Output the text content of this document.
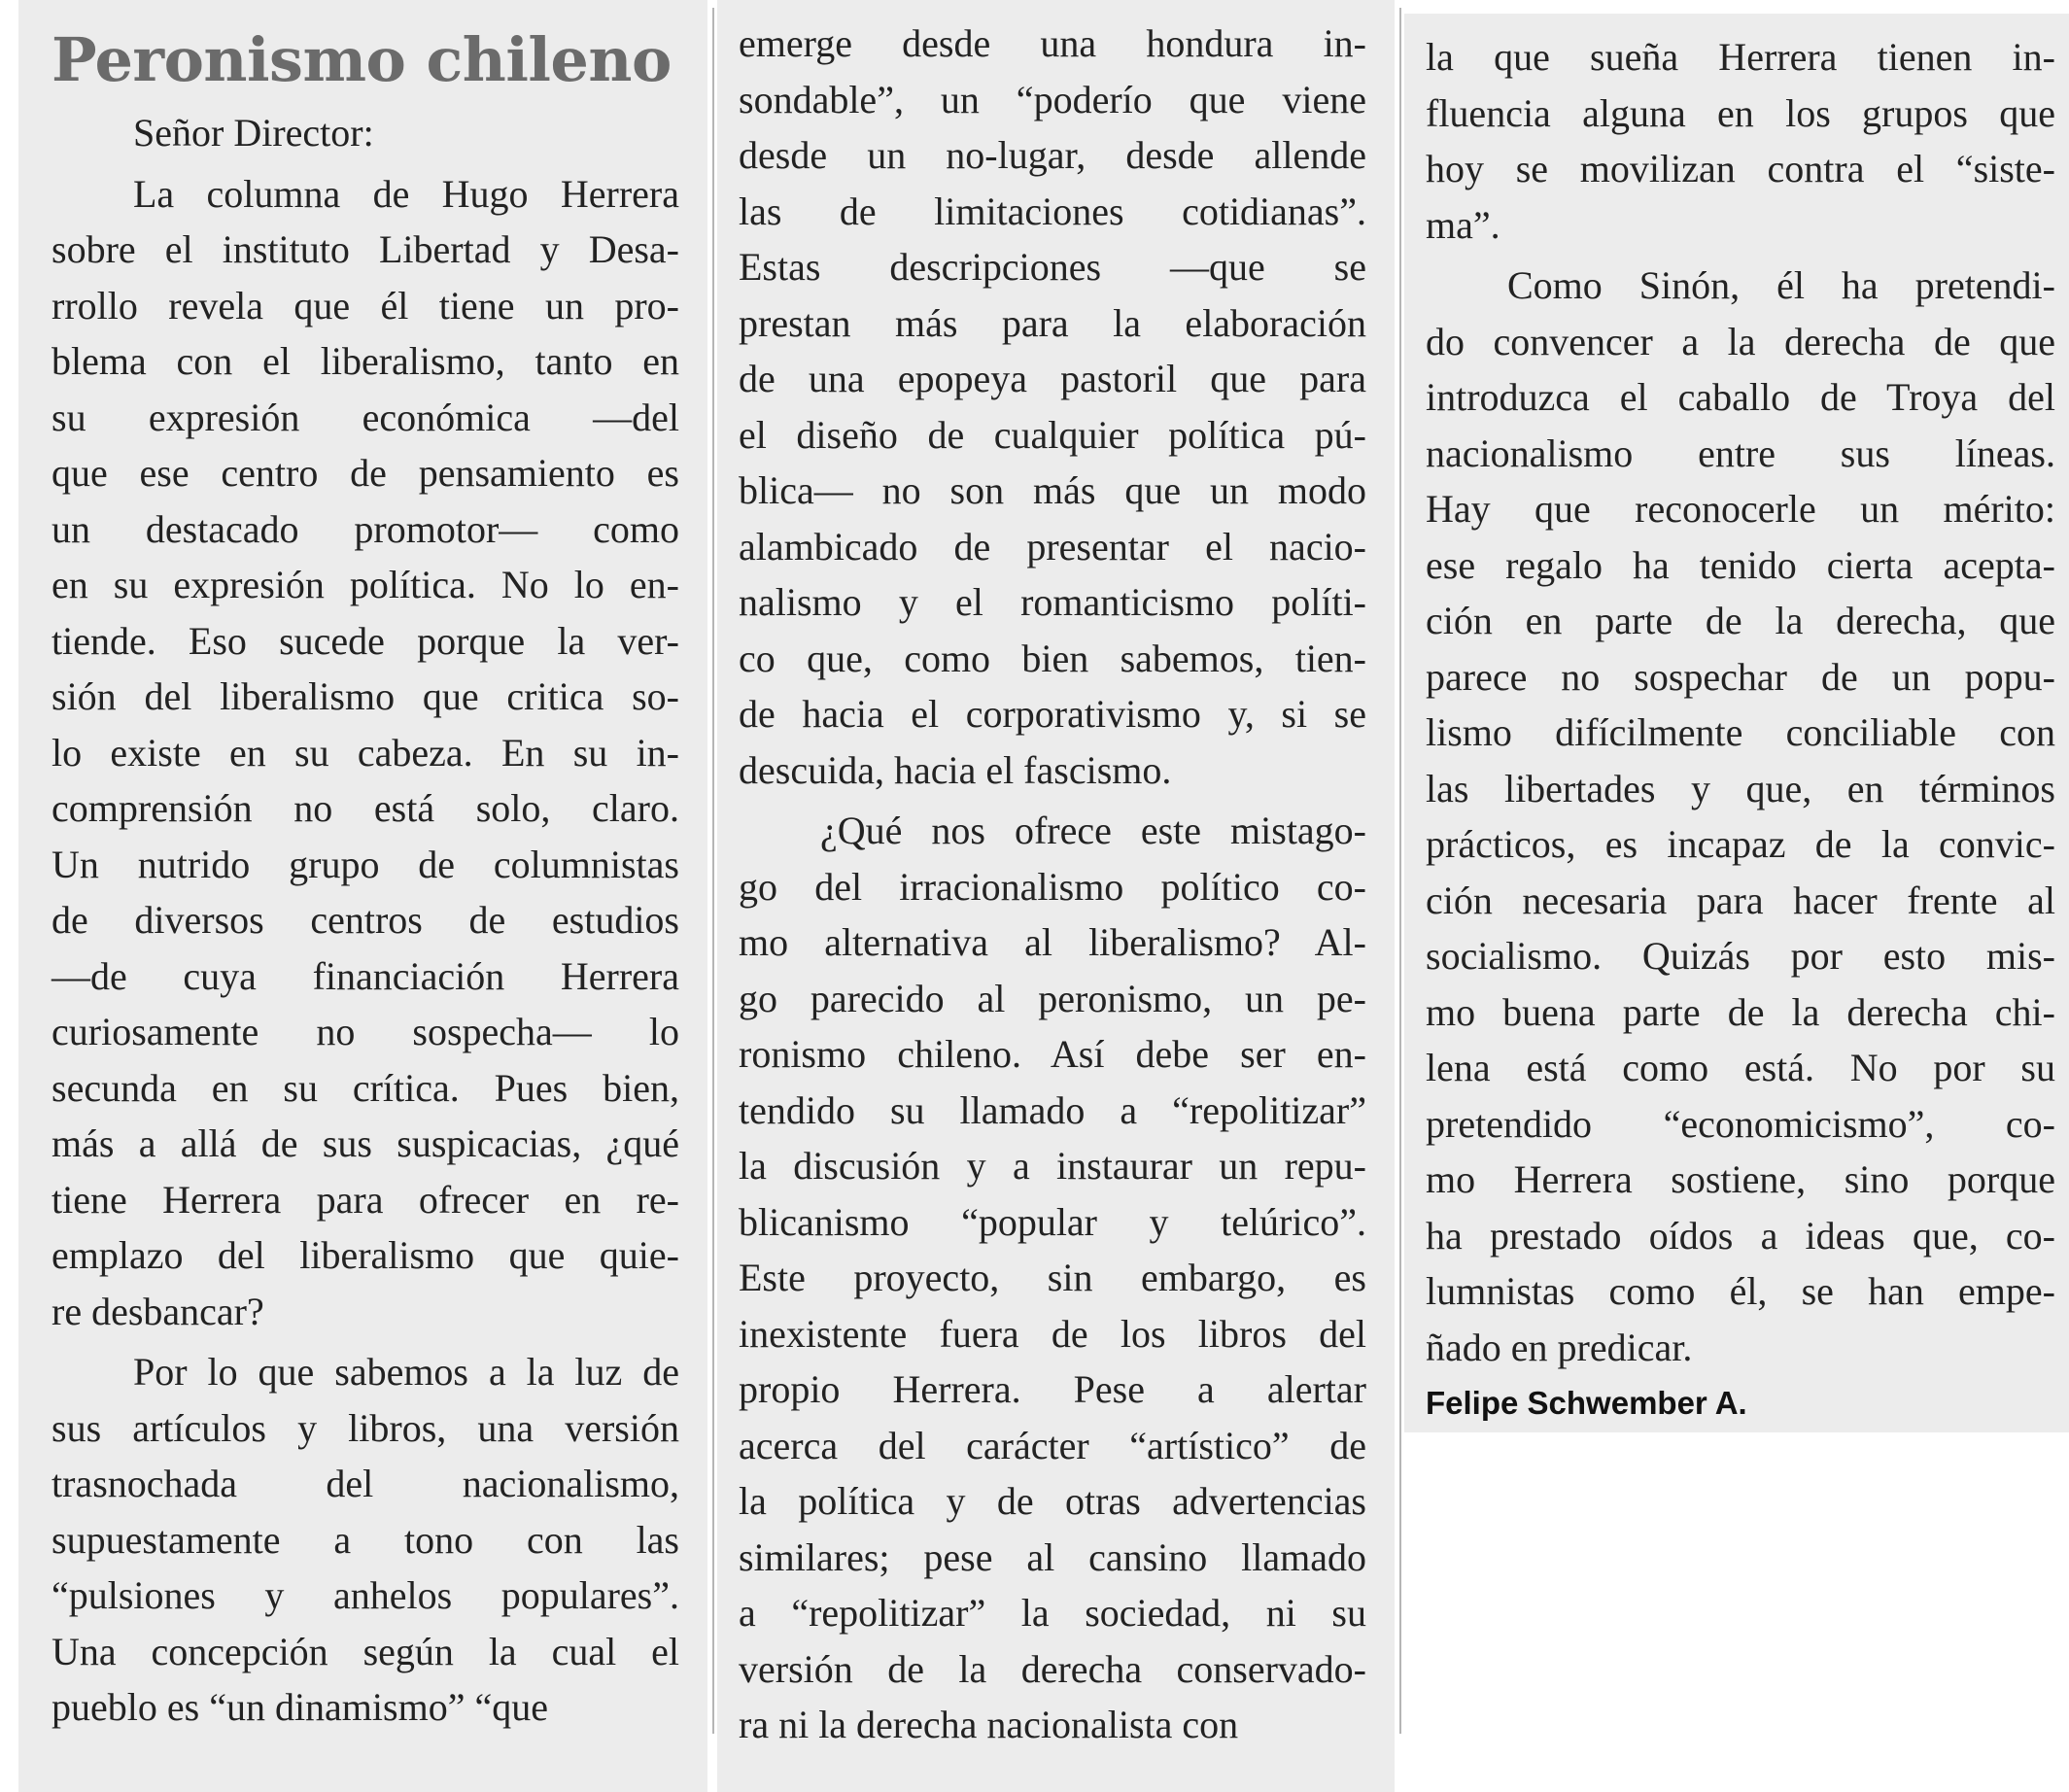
Peronismo chileno
Señor Director:
La columna de Hugo Herrera
sobre el instituto Libertad y Desa-
rrollo revela que él tiene un pro-
blema con el liberalismo, tanto en
su expresión económica —del
que ese centro de pensamiento es
un destacado promotor— como
en su expresión política. No lo en-
tiende. Eso sucede porque la ver-
sión del liberalismo que critica so-
lo existe en su cabeza. En su in-
comprensión no está solo, claro.
Un nutrido grupo de columnistas
de diversos centros de estudios
—de cuya financiación Herrera
curiosamente no sospecha— lo
secunda en su crítica. Pues bien,
más a allá de sus suspicacias, ¿qué
tiene Herrera para ofrecer en re-
emplazo del liberalismo que quie-
re desbancar?
Por lo que sabemos a la luz de
sus artículos y libros, una versión
trasnochada del nacionalismo,
supuestamente a tono con las
“pulsiones y anhelos populares”.
Una concepción según la cual el
pueblo es “un dinamismo” “que
emerge desde una hondura in-
sondable”, un “poderío que viene
desde un no-lugar, desde allende
las de limitaciones cotidianas”.
Estas descripciones —que se
prestan más para la elaboración
de una epopeya pastoril que para
el diseño de cualquier política pú-
blica— no son más que un modo
alambicado de presentar el nacio-
nalismo y el romanticismo políti-
co que, como bien sabemos, tien-
de hacia el corporativismo y, si se
descuida, hacia el fascismo.
¿Qué nos ofrece este mistago-
go del irracionalismo político co-
mo alternativa al liberalismo? Al-
go parecido al peronismo, un pe-
ronismo chileno. Así debe ser en-
tendido su llamado a “repolitizar”
la discusión y a instaurar un repu-
blicanismo “popular y telúrico”.
Este proyecto, sin embargo, es
inexistente fuera de los libros del
propio Herrera. Pese a alertar
acerca del carácter “artístico” de
la política y de otras advertencias
similares; pese al cansino llamado
a “repolitizar” la sociedad, ni su
versión de la derecha conservado-
ra ni la derecha nacionalista con
la que sueña Herrera tienen in-
fluencia alguna en los grupos que
hoy se movilizan contra el “siste-
ma”.
Como Sinón, él ha pretendi-
do convencer a la derecha de que
introduzca el caballo de Troya del
nacionalismo entre sus líneas.
Hay que reconocerle un mérito:
ese regalo ha tenido cierta acepta-
ción en parte de la derecha, que
parece no sospechar de un popu-
lismo difícilmente conciliable con
las libertades y que, en términos
prácticos, es incapaz de la convic-
ción necesaria para hacer frente al
socialismo. Quizás por esto mis-
mo buena parte de la derecha chi-
lena está como está. No por su
pretendido “economicismo”, co-
mo Herrera sostiene, sino porque
ha prestado oídos a ideas que, co-
lumnistas como él, se han empe-
ñado en predicar.
Felipe Schwember A.
